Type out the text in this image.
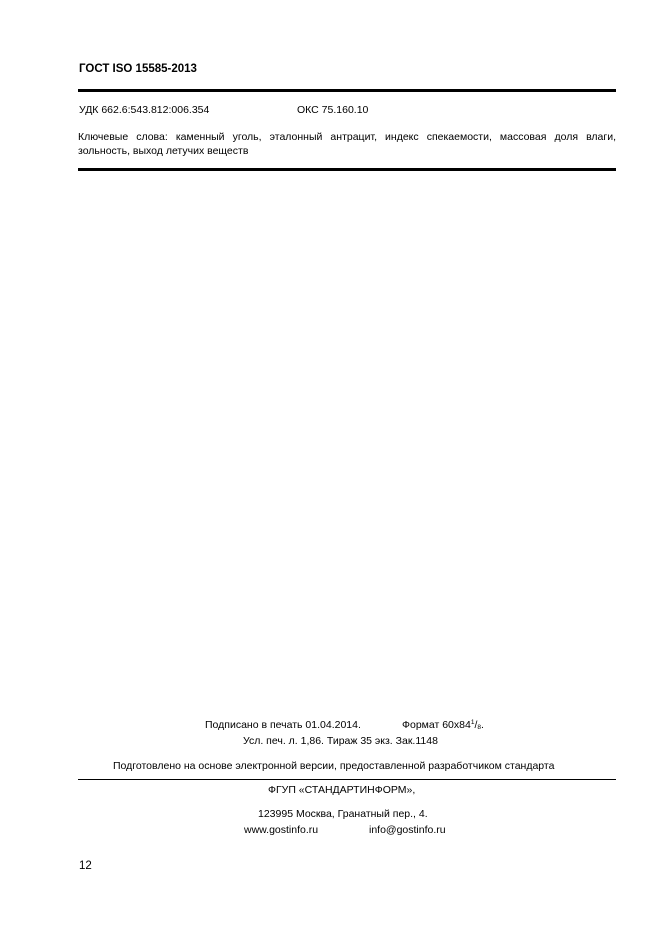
ГОСТ ISO 15585-2013
УДК 662.6:543.812:006.354	ОКС 75.160.10
Ключевые слова: каменный уголь, эталонный антрацит, индекс спекаемости, массовая доля влаги,
зольность, выход летучих веществ
Подписано в печать 01.04.2014.	Формат $60х84^1/_8$.
Усл. печ. л. 1,86. Тираж 35 экз. Зак.1148
Подготовлено на основе электронной версии, предоставленной разработчиком стандарта
ФГУП «СТАНДАРТИНФОРМ»,
123995 Москва, Гранатный пер., 4.
www.gostinfo.ru	info@gostinfo.ru
12
